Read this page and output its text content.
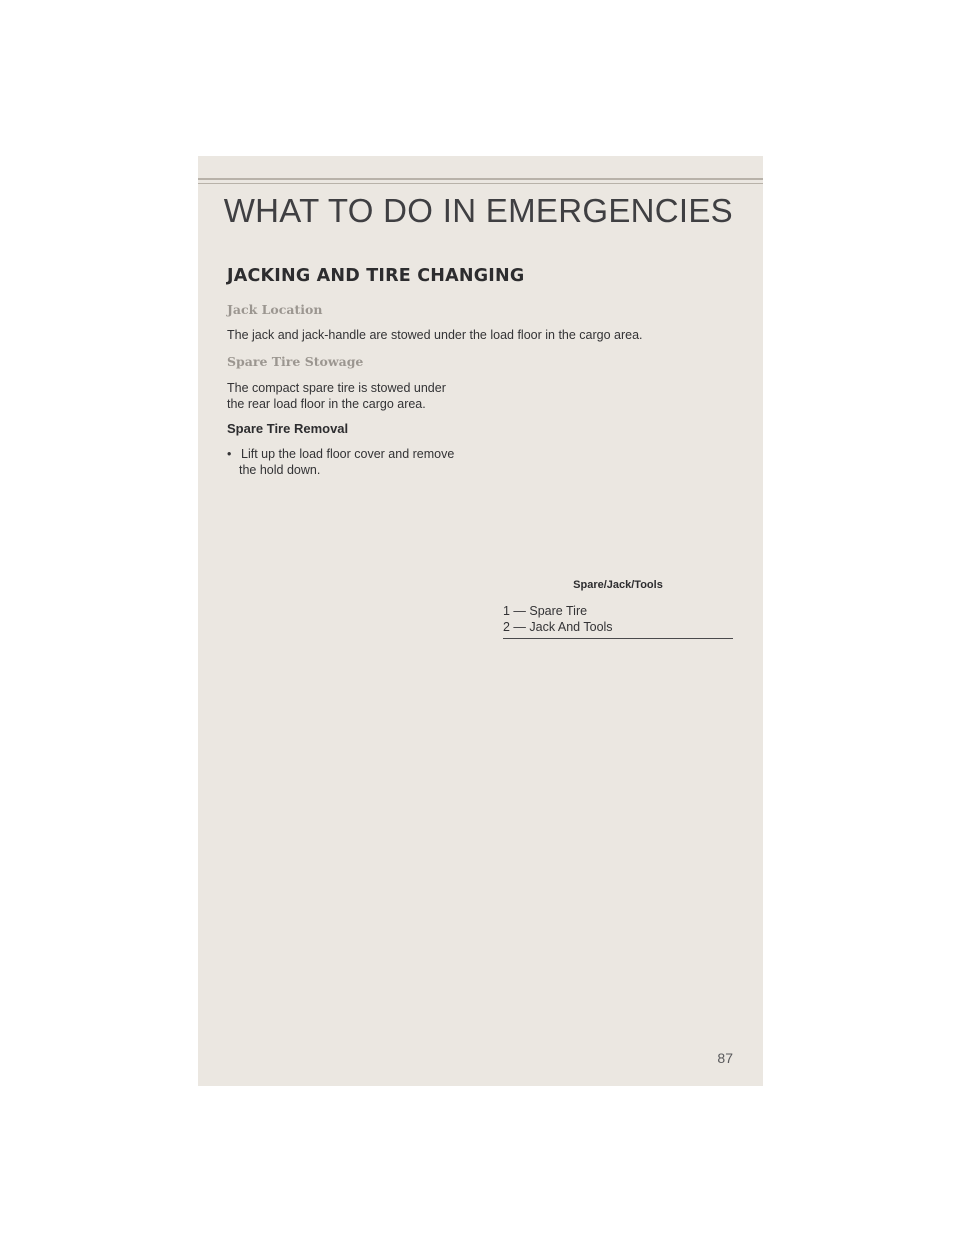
WHAT TO DO IN EMERGENCIES
JACKING AND TIRE CHANGING
Jack Location
The jack and jack-handle are stowed under the load floor in the cargo area.
Spare Tire Stowage
The compact spare tire is stowed under
the rear load floor in the cargo area.
Spare Tire Removal
• Lift up the load floor cover and remove
the hold down.
Spare/Jack/Tools
1 — Spare Tire
2 — Jack And Tools
87
